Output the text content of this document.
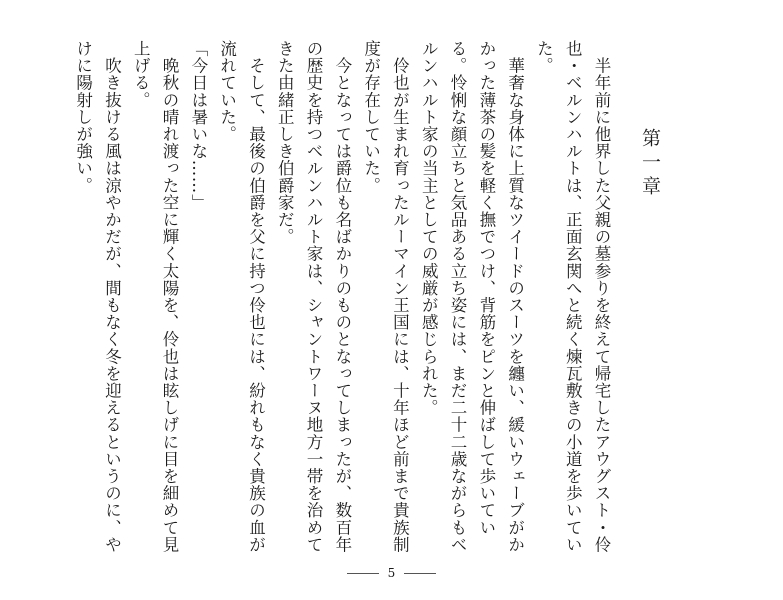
第一章

　半年前に他界した父親の墓参りを終えて帰宅したアウグスト・伶也・ベルンハルトは、正面玄関へと続く煉瓦敷きの小道を歩いていた。

　華奢な身体に上質なツイードのスーツを纏い、緩いウェーブがかかった薄茶の髪を軽く撫でつけ、背筋をピンと伸ばして歩いている。怜悧な顔立ちと気品ある立ち姿には、まだ二十二歳ながらもベルンハルト家の当主としての威厳が感じられた。

　伶也が生まれ育ったルーマイン王国には、十年ほど前まで貴族制度が存在していた。

　今となっては爵位も名ばかりのものとなってしまったが、数百年の歴史を持つベルンハルト家は、シャントワーヌ地方一帯を治めてきた由緒正しき伯爵家だ。

　そして、最後の伯爵を父に持つ伶也には、紛れもなく貴族の血が流れていた。

「今日は暑いな……」

　晩秋の晴れ渡った空に輝く太陽を、伶也は眩しげに目を細めて見上げる。

　吹き抜ける風は涼やかだが、間もなく冬を迎えるというのに、やけに陽射しが強い。

5
